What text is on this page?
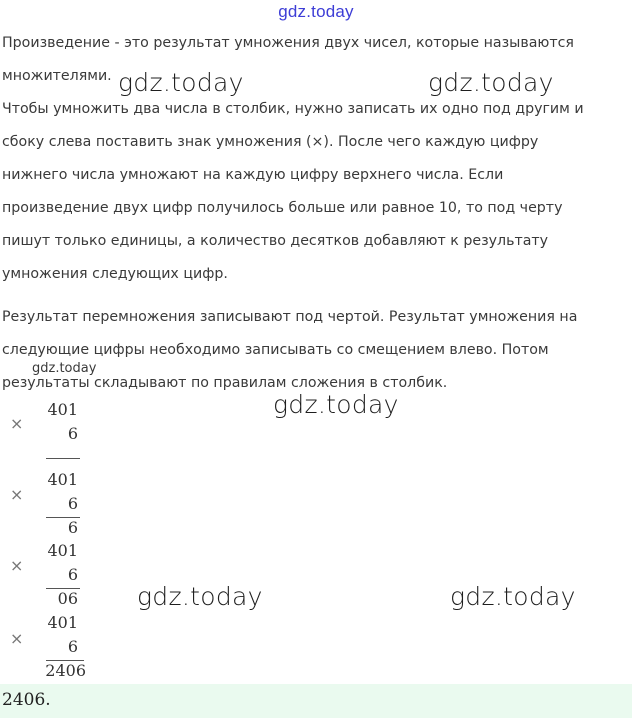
gdz.today
Произведение - это результат умножения двух чисел, которые называются
множителями.
Чтобы умножить два числа в столбик, нужно записать их одно под другим и
сбоку слева поставить знак умножения (×). После чего каждую цифру
нижнего числа умножают на каждую цифру верхнего числа. Если
произведение двух цифр получилось больше или равное 10, то под черту
пишут только единицы, а количество десятков добавляют к результату
умножения следующих цифр.
Результат перемножения записывают под чертой. Результат умножения на
следующие цифры необходимо записывать со смещением влево. Потом
результаты складывают по правилам сложения в столбик.
gdz.today	gdz.today
gdz.today
gdz.today	gdz.today
gdz.today
×
401
6
×
401
6
6
×
401
6
06
×
401
6
2406
2406.
